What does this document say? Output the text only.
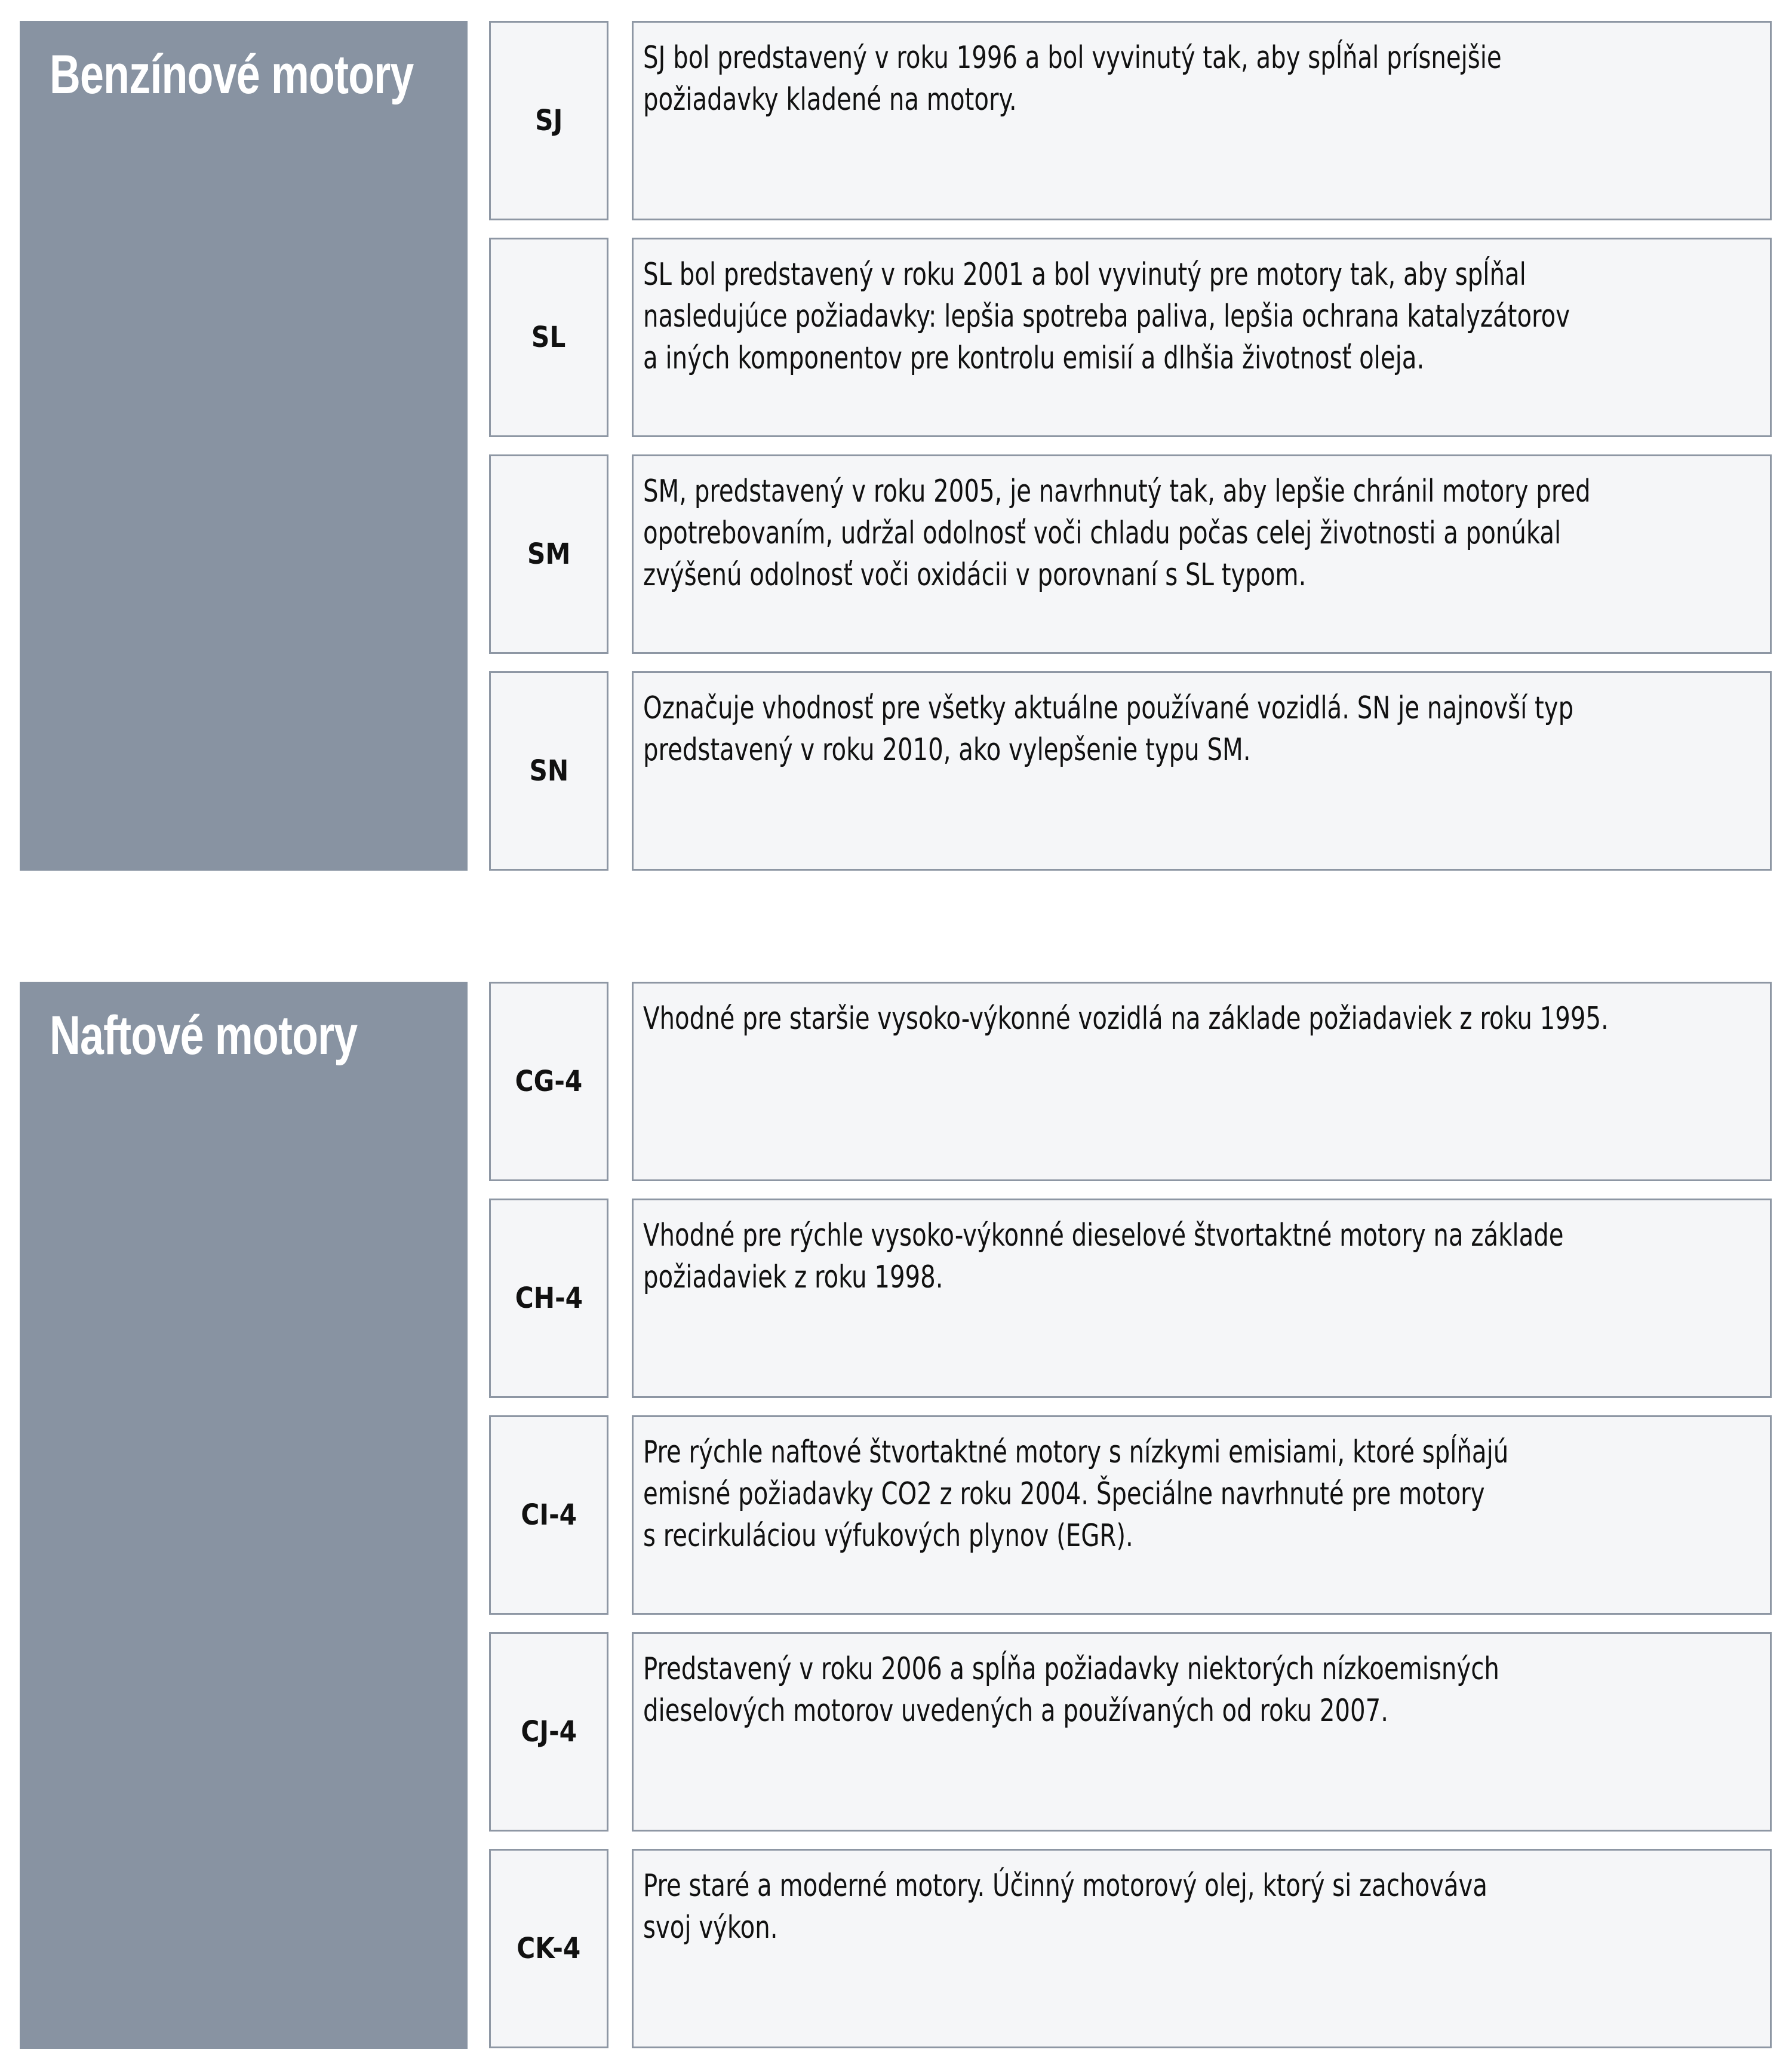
Benzínové motory
SJ
SJ bol predstavený v roku 1996 a bol vyvinutý tak, aby spĺňal prísnejšie
požiadavky kladené na motory.
SL
SL bol predstavený v roku 2001 a bol vyvinutý pre motory tak, aby spĺňal
nasledujúce požiadavky: lepšia spotreba paliva, lepšia ochrana katalyzátorov
a iných komponentov pre kontrolu emisií a dlhšia životnosť oleja.
SM
SM, predstavený v roku 2005, je navrhnutý tak, aby lepšie chránil motory pred
opotrebovaním, udržal odolnosť voči chladu počas celej životnosti a ponúkal
zvýšenú odolnosť voči oxidácii v porovnaní s SL typom.
SN
Označuje vhodnosť pre všetky aktuálne používané vozidlá. SN je najnovší typ
predstavený v roku 2010, ako vylepšenie typu SM.
Naftové motory
CG-4
Vhodné pre staršie vysoko-výkonné vozidlá na základe požiadaviek z roku 1995.
CH-4
Vhodné pre rýchle vysoko-výkonné dieselové štvortaktné motory na základe
požiadaviek z roku 1998.
CI-4
Pre rýchle naftové štvortaktné motory s nízkymi emisiami, ktoré spĺňajú
emisné požiadavky CO2 z roku 2004. Špeciálne navrhnuté pre motory
s recirkuláciou výfukových plynov (EGR).
CJ-4
Predstavený v roku 2006 a spĺňa požiadavky niektorých nízkoemisných
dieselových motorov uvedených a používaných od roku 2007.
CK-4
Pre staré a moderné motory. Účinný motorový olej, ktorý si zachováva
svoj výkon.
